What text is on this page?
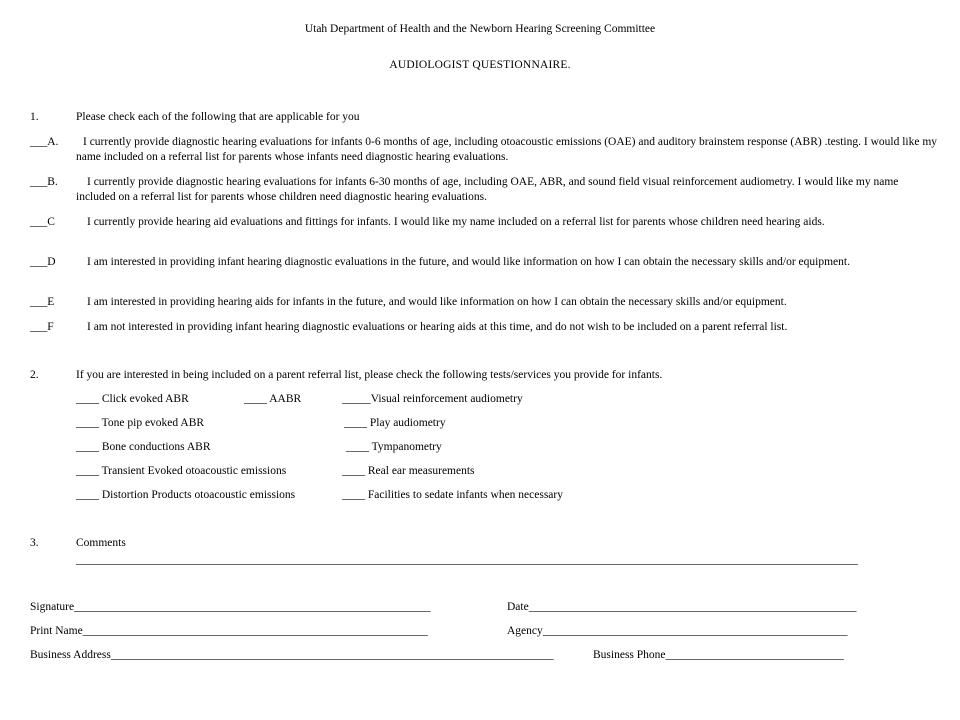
Utah Department of Health and the Newborn Hearing Screening Committee
AUDIOLOGIST QUESTIONNAIRE.
1.	Please check each of the following that are applicable for you
___A.	I currently provide diagnostic hearing evaluations for infants 0-6 months of age, including otoacoustic emissions (OAE) and auditory brainstem response (ABR) .testing. I would like my name included on a referral list for parents whose infants need diagnostic hearing evaluations.
___B.	I currently provide diagnostic hearing evaluations for infants 6-30 months of age, including OAE, ABR, and sound field visual reinforcement audiometry. I would like my name included on a referral list for parents whose children need diagnostic hearing evaluations.
___C	I currently provide hearing aid evaluations and fittings for infants. I would like my name included on a referral list for parents whose children need hearing aids.
___D	I am interested in providing infant hearing diagnostic evaluations in the future, and would like information on how I can obtain the necessary skills and/or equipment.
___E	I am interested in providing hearing aids for infants in the future, and would like information on how I can obtain the necessary skills and/or equipment.
___F	I am not interested in providing infant hearing diagnostic evaluations or hearing aids at this time, and do not wish to be included on a parent referral list.
2.	If you are interested in being included on a parent referral list, please check the following tests/services you provide for infants.
____ Click evoked ABR	____ AABR	_____Visual reinforcement audiometry
____ Tone pip evoked ABR	____ Play audiometry
____ Bone conductions ABR	____ Tympanometry
____ Transient Evoked otoacoustic emissions	____ Real ear measurements
____ Distortion Products otoacoustic emissions	____ Facilities to sedate infants when necessary
3.	Comments
________________________________________________________________________________________________________________________________________
Signature______________________________________________________________	Date_________________________________________________________
Print Name____________________________________________________________	Agency_____________________________________________________
Business Address_____________________________________________________________________________	Business Phone_______________________________
